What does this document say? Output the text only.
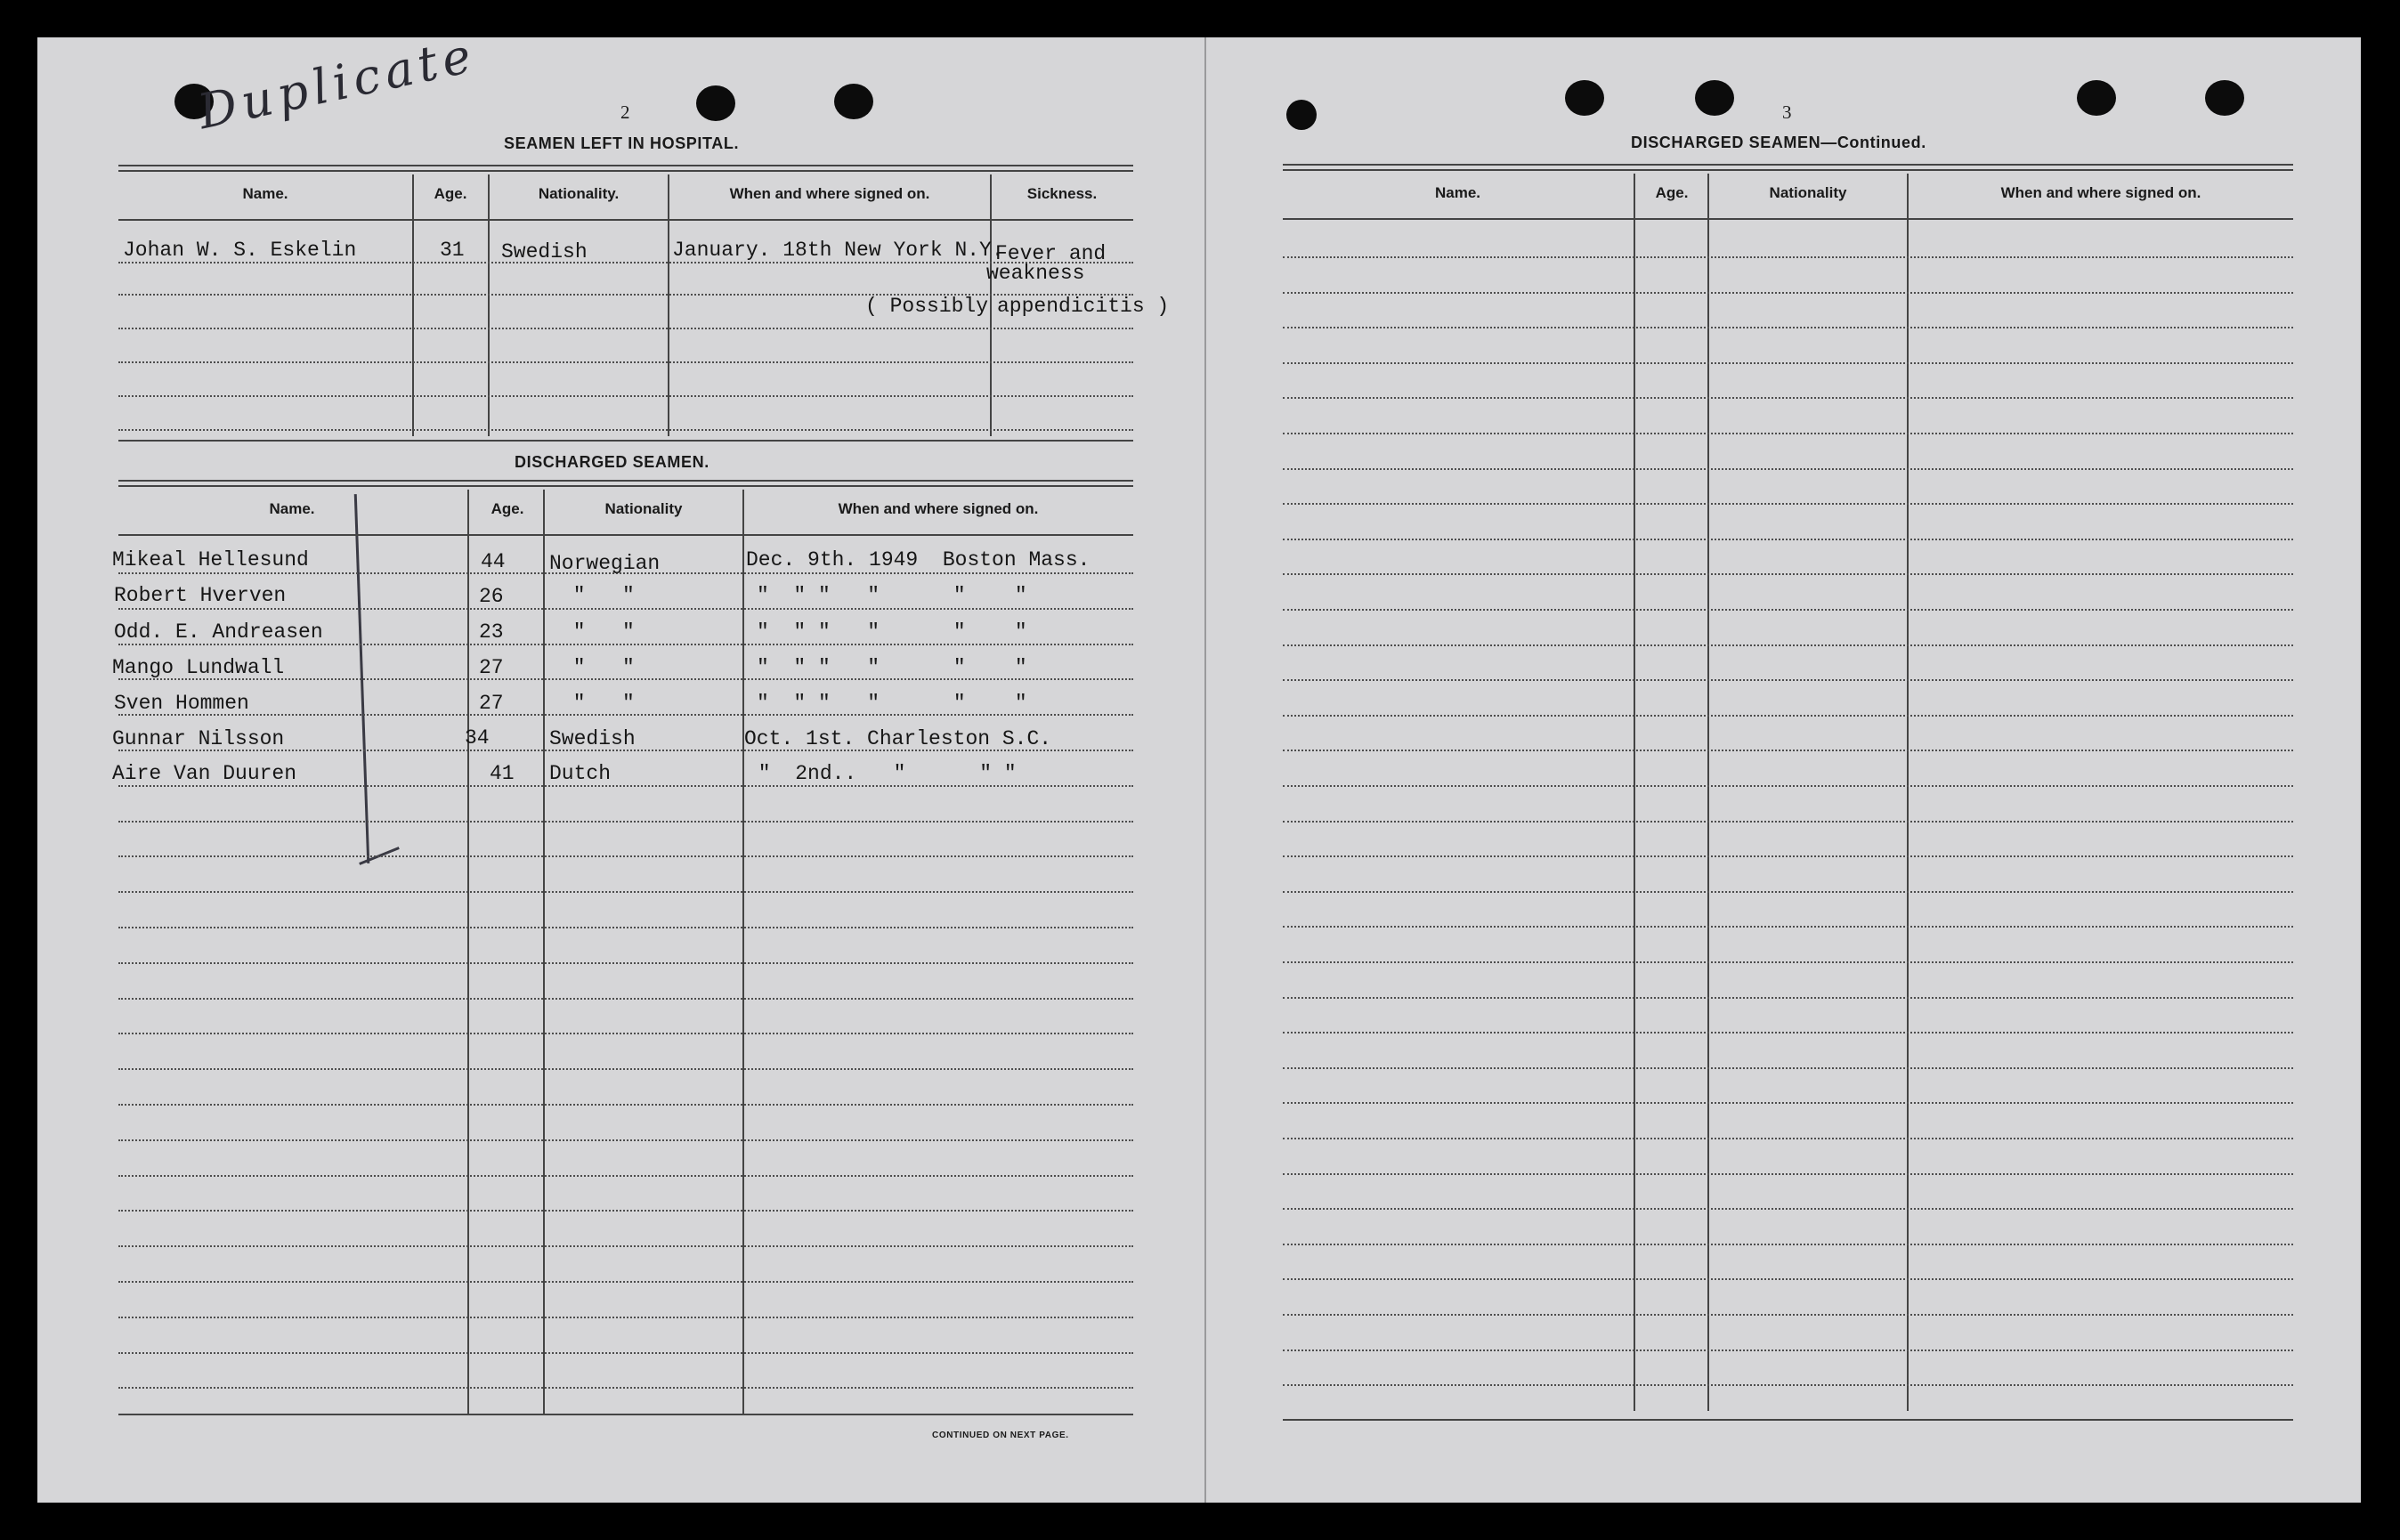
Duplicate	2
SEAMEN LEFT IN HOSPITAL.
Name.	Age.	Nationality.	When and where signed on.	Sickness.
Johan W. S. Eskelin	31 Swedish	January. 18th New York N.Y.
Fever and
weakness
( Possibly appendicitis )
DISCHARGED SEAMEN.
Name.	Age.	Nationality	When and where signed on.
Mikeal Hellesund	44 Norwegian	Dec. 9th. 1949  Boston Mass.
Robert Hverven	26	"   "	"  " "   "      "    "
Odd. E. Andreasen	23	"   "	"  " "   "      "    "
Mango Lundwall	27	"   "	"  " "   "      "    "
Sven Hommen	27	"   "	"  " "   "      "    "
Gunnar Nilsson	34	Swedish	Oct. 1st. Charleston S.C.
Aire Van Duuren	41 Dutch	"  2nd..   "      " "
CONTINUED ON NEXT PAGE.
3
DISCHARGED SEAMEN—Continued.
Name.	Age.	Nationality	When and where signed on.
